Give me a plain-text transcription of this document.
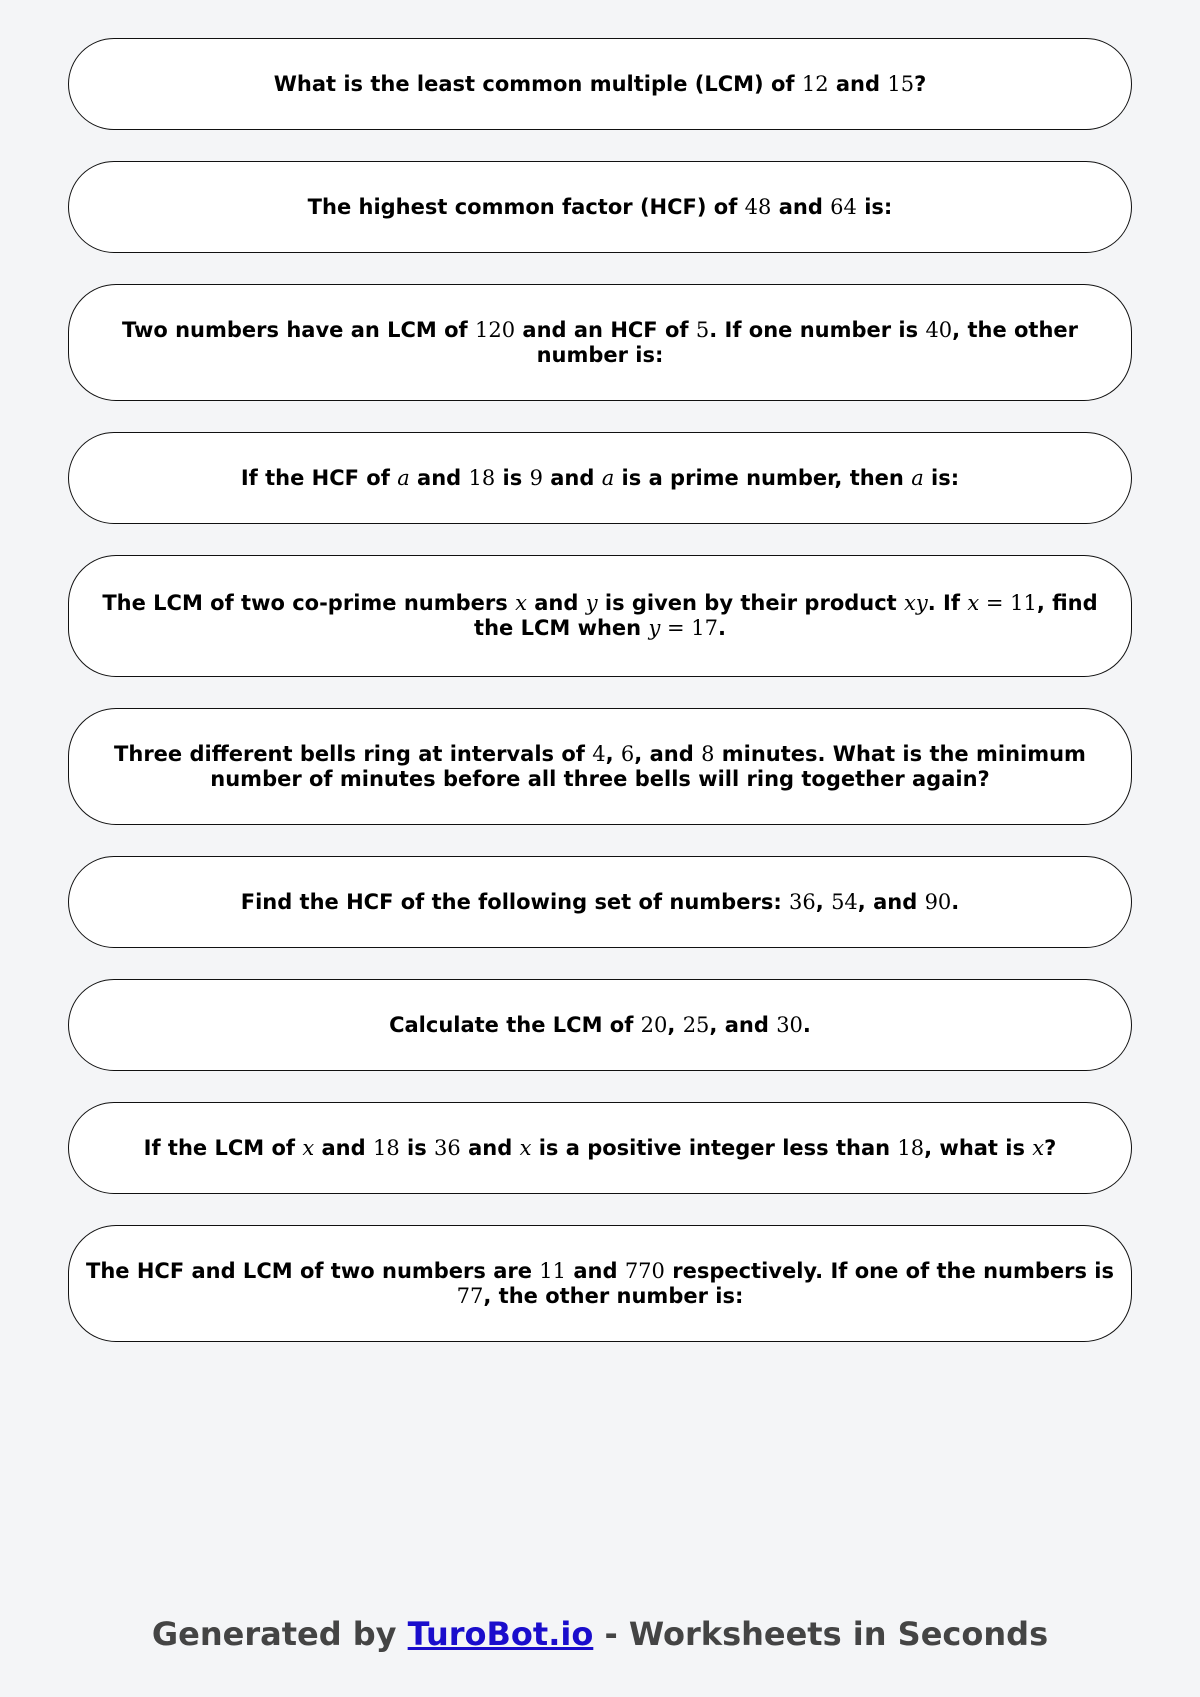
What is the least common multiple (LCM) of 12 and 15?
The highest common factor (HCF) of 48 and 64 is:
Two numbers have an LCM of 120 and an HCF of 5. If one number is 40, the other number is:
If the HCF of a and 18 is 9 and a is a prime number, then a is:
The LCM of two co-prime numbers x and y is given by their product xy. If x = 11, find the LCM when y = 17.
Three different bells ring at intervals of 4, 6, and 8 minutes. What is the minimum number of minutes before all three bells will ring together again?
Find the HCF of the following set of numbers: 36, 54, and 90.
Calculate the LCM of 20, 25, and 30.
If the LCM of x and 18 is 36 and x is a positive integer less than 18, what is x?
The HCF and LCM of two numbers are 11 and 770 respectively. If one of the numbers is 77, the other number is:
Generated by TuroBot.io - Worksheets in Seconds
